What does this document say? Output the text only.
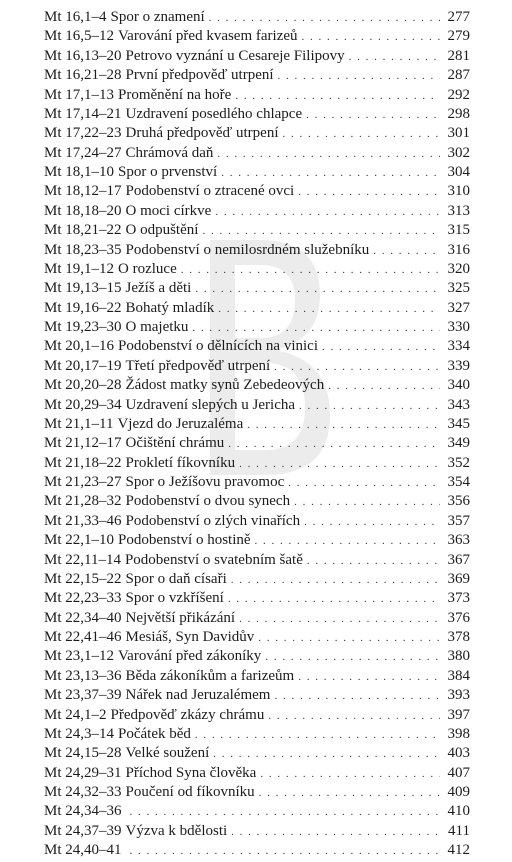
Mt 16,1–4 Spor o znamení . . .	277
Mt 16,5–12 Varování před kvasem farizeů . . .	279
Mt 16,13–20 Petrovo vyznání u Cesareje Filipovy . . .	281
Mt 16,21–28 První předpověď utrpení . . .	287
Mt 17,1–13 Proměnění na hoře . . .	292
Mt 17,14–21 Uzdravení posedlého chlapce . . .	298
Mt 17,22–23 Druhá předpověď utrpení . . .	301
Mt 17,24–27 Chrámová daň . . .	302
Mt 18,1–10 Spor o prvenství . . .	304
Mt 18,12–17 Podobenství o ztracené ovci . . .	310
Mt 18,18–20 O moci církve . . .	313
Mt 18,21–22 O odpuštění . . .	315
Mt 18,23–35 Podobenství o nemilosrdném služebníku . . .	316
Mt 19,1–12 O rozluce . . .	320
Mt 19,13–15 Ježíš a děti . . .	325
Mt 19,16–22 Bohatý mladík . . .	327
Mt 19,23–30 O majetku . . .	330
Mt 20,1–16 Podobenství o dělnících na vinici . . .	334
Mt 20,17–19 Třetí předpověď utrpení . . .	339
Mt 20,20–28 Žádost matky synů Zebedeových . . .	340
Mt 20,29–34 Uzdravení slepých u Jericha . . .	343
Mt 21,1–11 Vjezd do Jeruzaléma . . .	345
Mt 21,12–17 Očištění chrámu . . .	349
Mt 21,18–22 Prokletí fíkovníku . . .	352
Mt 21,23–27 Spor o Ježíšovu pravomoc . . .	354
Mt 21,28–32 Podobenství o dvou synech . . .	356
Mt 21,33–46 Podobenství o zlých vinařích . . .	357
Mt 22,1–10 Podobenství o hostině . . .	363
Mt 22,11–14 Podobenství o svatebním šatě . . .	367
Mt 22,15–22 Spor o daň císaři . . .	369
Mt 22,23–33 Spor o vzkříšení . . .	373
Mt 22,34–40 Největší přikázání . . .	376
Mt 22,41–46 Mesiáš, Syn Davidův . . .	378
Mt 23,1–12 Varování před zákoníky . . .	380
Mt 23,13–36 Běda zákoníkům a farizeům . . .	384
Mt 23,37–39 Nářek nad Jeruzalémem . . .	393
Mt 24,1–2 Předpověď zkázy chrámu . . .	397
Mt 24,3–14 Počátek běd . . .	398
Mt 24,15–28 Velké soužení . . .	403
Mt 24,29–31 Příchod Syna člověka . . .	407
Mt 24,32–33 Poučení od fíkovníku . . .	409
Mt 24,34–36 . . .	410
Mt 24,37–39 Výzva k bdělosti . . .	411
Mt 24,40–41 . . .	412
